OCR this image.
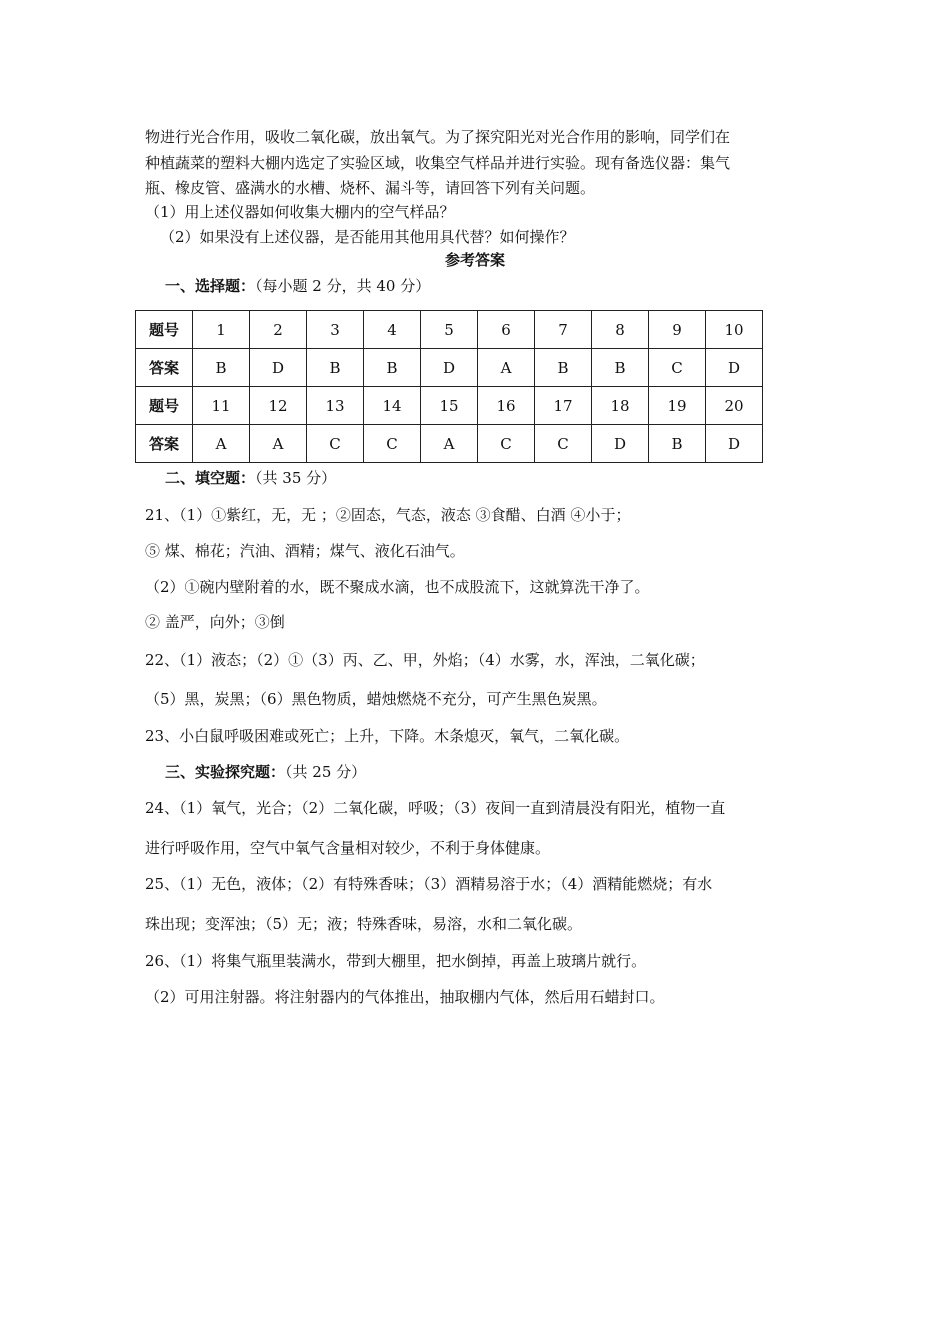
物进行光合作用，吸收二氧化碳，放出氧气。为了探究阳光对光合作用的影响，同学们在
种植蔬菜的塑料大棚内选定了实验区域，收集空气样品并进行实验。现有备选仪器：集气
瓶、橡皮管、盛满水的水槽、烧杯、漏斗等，请回答下列有关问题。
（1）用上述仪器如何收集大棚内的空气样品？
（2）如果没有上述仪器，是否能用其他用具代替？如何操作？
参考答案
一、选择题：（每小题 2 分，共 40 分）
题号	1	2	3	4	5	6	7	8	9	10
答案	B	D	B	B	D	A	B	B	C	D
题号	11	12	13	14	15	16	17	18	19	20
答案	A	A	C	C	A	C	C	D	B	D
二、填空题：（共 35 分）
21、（1）①紫红，无，无 ；②固态，气态，液态 ③食醋、白酒 ④小于；
⑤ 煤、棉花；汽油、酒精；煤气、液化石油气。
（2）①碗内壁附着的水，既不聚成水滴，也不成股流下，这就算洗干净了。
② 盖严，向外；③倒
22、（1）液态；（2）①（3）丙、乙、甲，外焰；（4）水雾，水，浑浊，二氧化碳；
（5）黑，炭黑；（6）黑色物质，蜡烛燃烧不充分，可产生黑色炭黑。
23、小白鼠呼吸困难或死亡；上升，下降。木条熄灭，氧气，二氧化碳。
三、实验探究题：（共 25 分）
24、（1）氧气，光合；（2）二氧化碳，呼吸；（3）夜间一直到清晨没有阳光，植物一直
进行呼吸作用，空气中氧气含量相对较少，不利于身体健康。
25、（1）无色，液体；（2）有特殊香味；（3）酒精易溶于水；（4）酒精能燃烧；有水
珠出现；变浑浊；（5）无；液；特殊香味，易溶，水和二氧化碳。
26、（1）将集气瓶里装满水，带到大棚里，把水倒掉，再盖上玻璃片就行。
（2）可用注射器。将注射器内的气体推出，抽取棚内气体，然后用石蜡封口。
